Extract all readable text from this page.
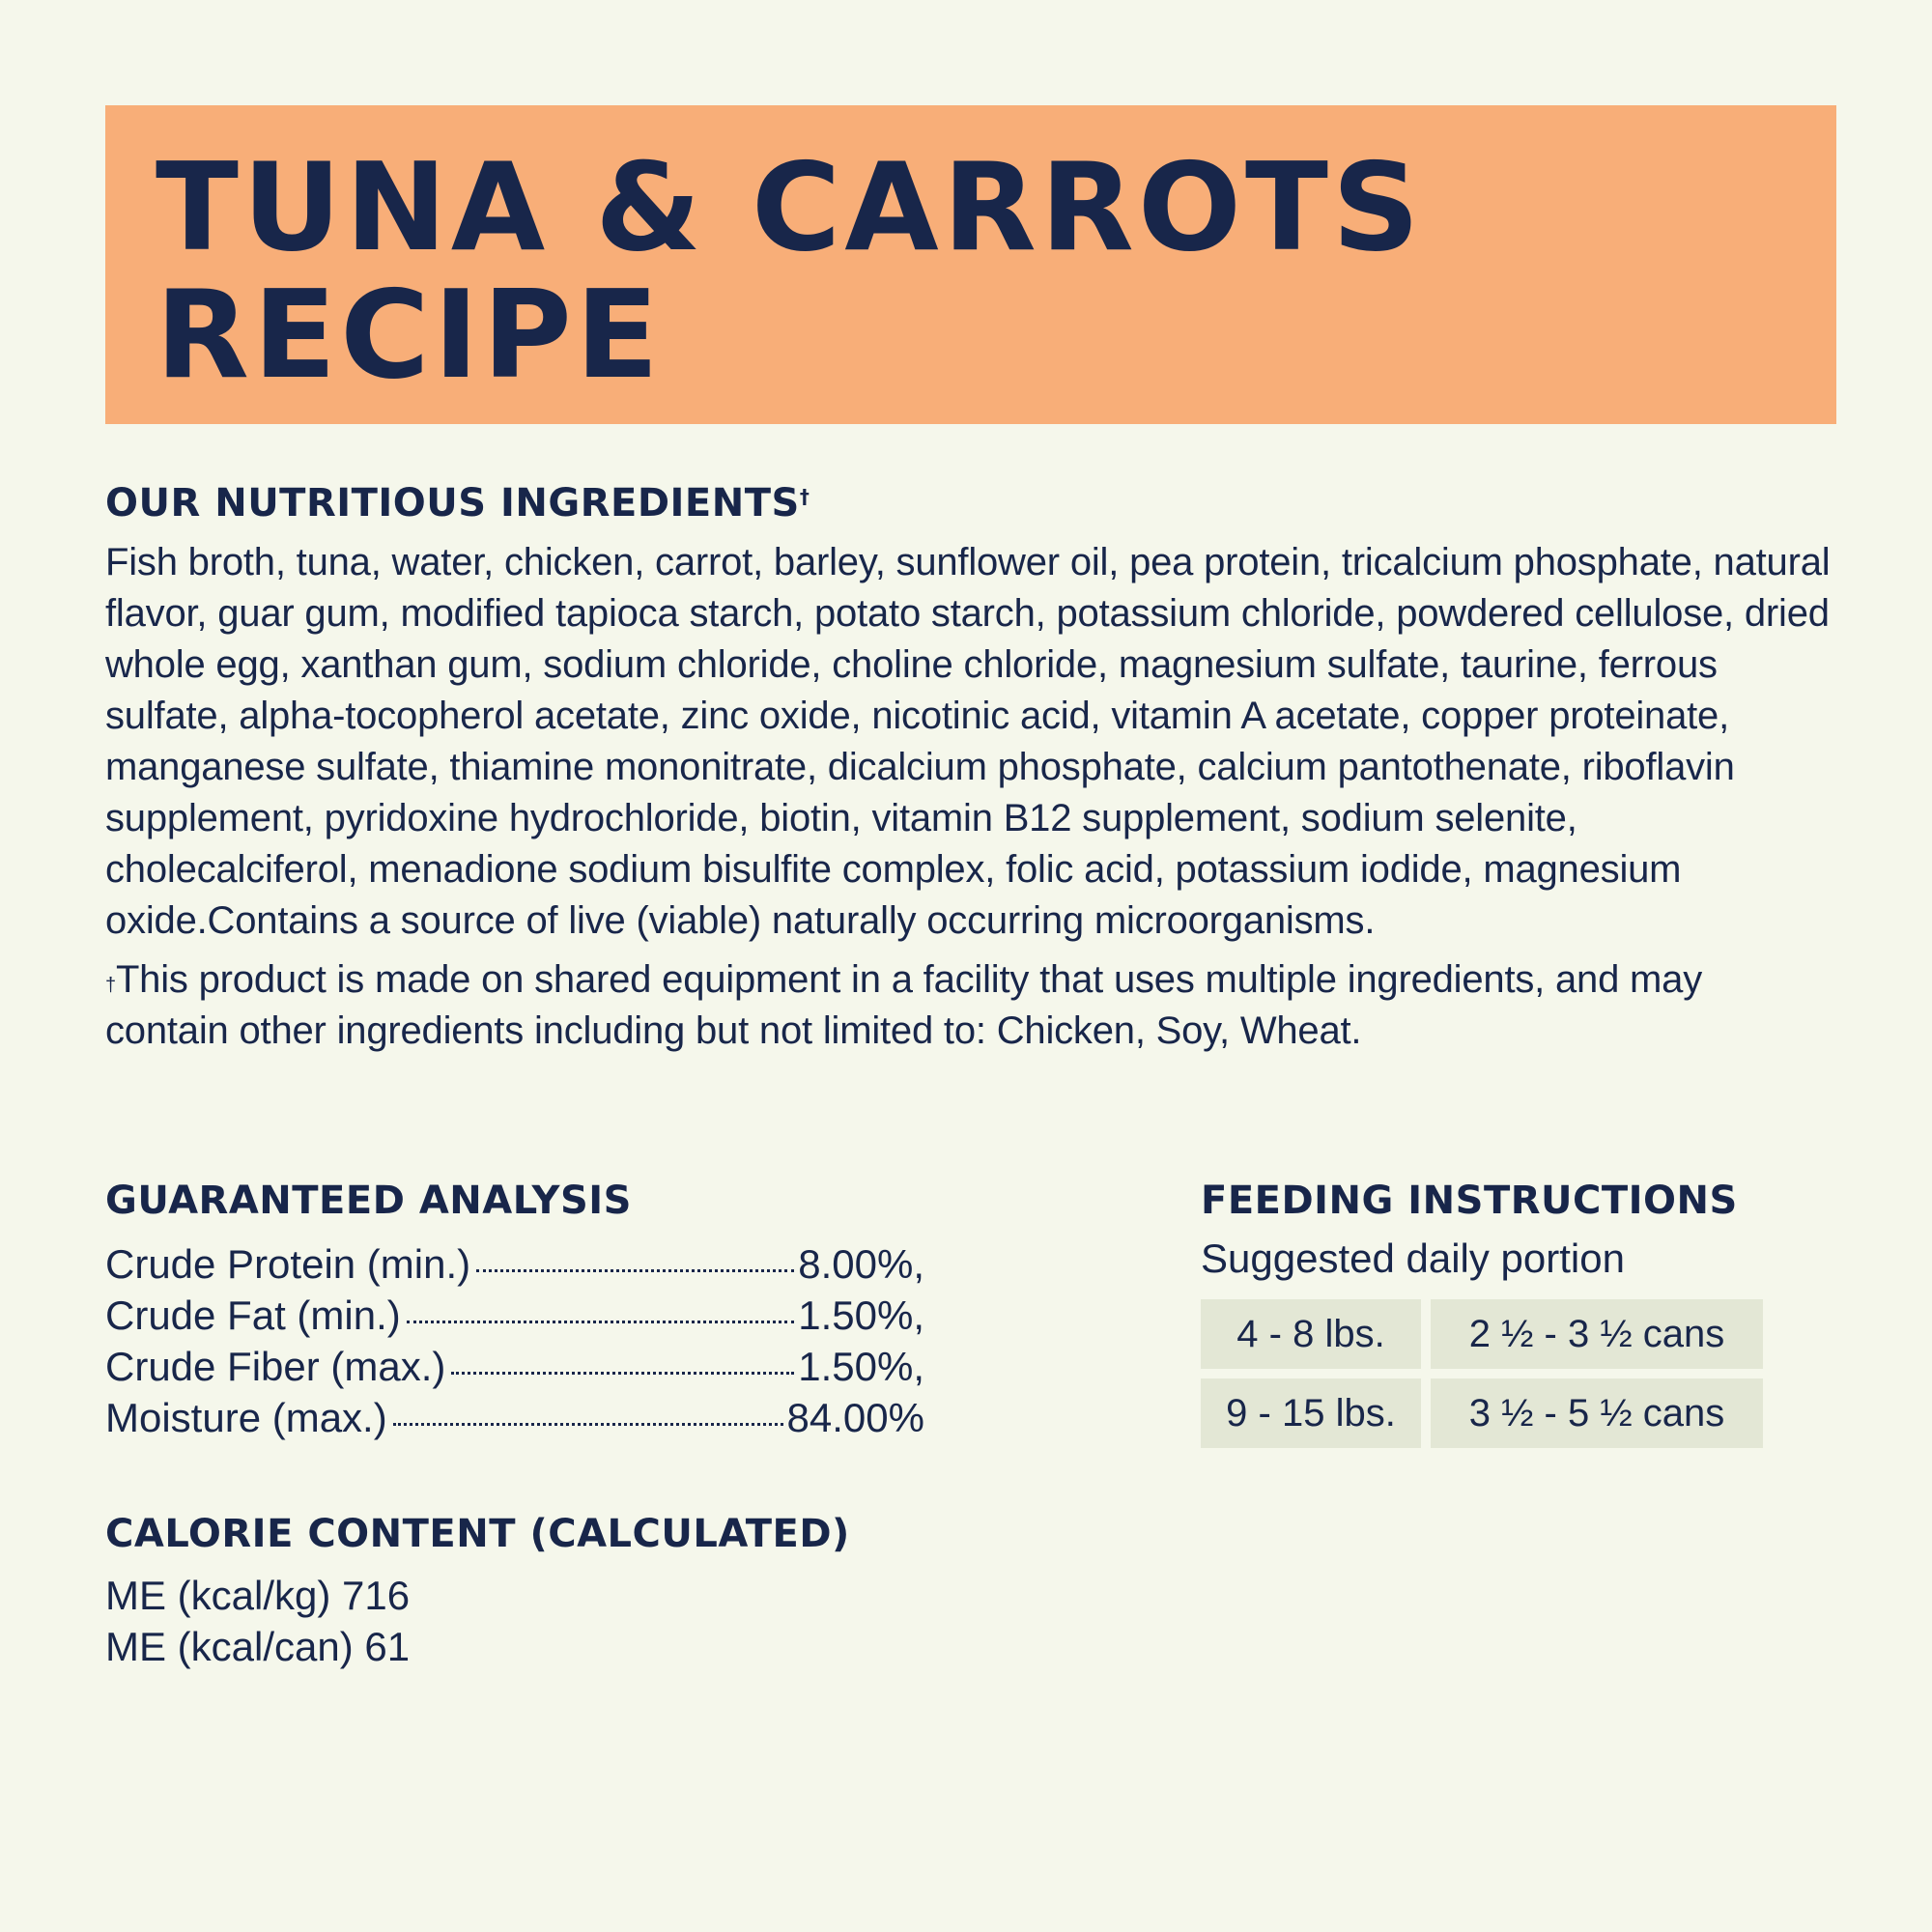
TUNA & CARROTS
RECIPE
OUR NUTRITIOUS INGREDIENTS†

Fish broth, tuna, water, chicken, carrot, barley, sunflower oil, pea protein, tricalcium phosphate, natural flavor, guar gum, modified tapioca starch, potato starch, potassium chloride, powdered cellulose, dried whole egg, xanthan gum, sodium chloride, choline chloride, magnesium sulfate, taurine, ferrous sulfate, alpha-tocopherol acetate, zinc oxide, nicotinic acid, vitamin A acetate, copper proteinate, manganese sulfate, thiamine mononitrate, dicalcium phosphate, calcium pantothenate, riboflavin supplement, pyridoxine hydrochloride, biotin, vitamin B12 supplement, sodium selenite, cholecalciferol, menadione sodium bisulfite complex, folic acid, potassium iodide, magnesium oxide.Contains a source of live (viable) naturally occurring microorganisms.

†This product is made on shared equipment in a facility that uses multiple ingredients, and may contain other ingredients including but not limited to: Chicken, Soy, Wheat.

GUARANTEED ANALYSIS
Crude Protein (min.)	8.00%,
Crude Fat (min.)	1.50%,
Crude Fiber (max.)	1.50%,
Moisture (max.)	84.00%
CALORIE CONTENT (CALCULATED)
ME (kcal/kg) 716
ME (kcal/can) 61
FEEDING INSTRUCTIONS
Suggested daily portion
4 - 8 lbs.	2 ½ - 3 ½ cans
9 - 15 lbs.	3 ½ - 5 ½ cans
